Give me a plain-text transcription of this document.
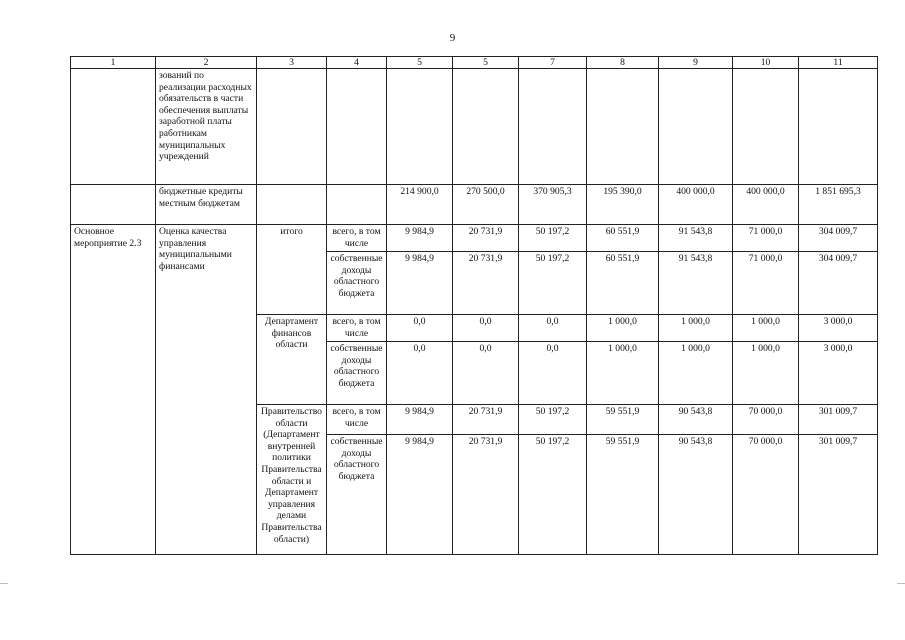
9
1	2	3	4	5	5	7	8	9	10	11
	зований по реализации расходных обязательств в части обеспечения выплаты заработной платы работникам муниципальных учреждений									
	бюджетные кредиты местным бюджетам			214 900,0	270 500,0	370 905,3	195 390,0	400 000,0	400 000,0	1 851 695,3
Основное мероприятие 2.3	Оценка качества управления муниципальными финансами	итого	всего, в том числе	9 984,9	20 731,9	50 197,2	60 551,9	91 543,8	71 000,0	304 009,7
			собственные доходы областного бюджета	9 984,9	20 731,9	50 197,2	60 551,9	91 543,8	71 000,0	304 009,7
		Департамент финансов области	всего, в том числе	0,0	0,0	0,0	1 000,0	1 000,0	1 000,0	3 000,0
			собственные доходы областного бюджета	0,0	0,0	0,0	1 000,0	1 000,0	1 000,0	3 000,0
		Правительство области (Департамент внутренней политики Правительства области и Департамент управления делами Правительства области)	всего, в том числе	9 984,9	20 731,9	50 197,2	59 551,9	90 543,8	70 000,0	301 009,7
			собственные доходы областного бюджета	9 984,9	20 731,9	50 197,2	59 551,9	90 543,8	70 000,0	301 009,7
